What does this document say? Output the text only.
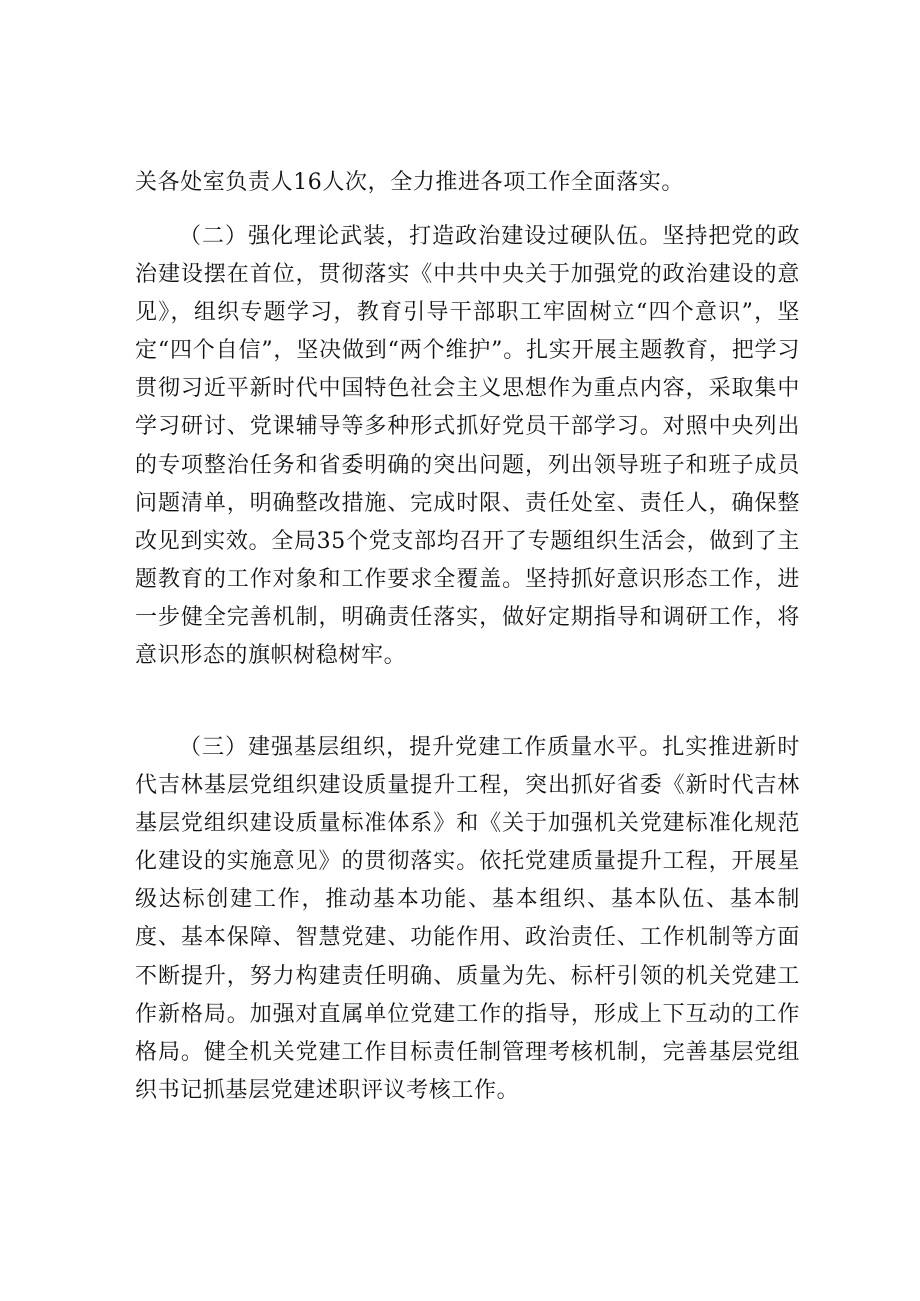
关各处室负责人16人次，全力推进各项工作全面落实。

（二）强化理论武装，打造政治建设过硬队伍。坚持把党的政治建设摆在首位，贯彻落实《中共中央关于加强党的政治建设的意见》，组织专题学习，教育引导干部职工牢固树立“四个意识”，坚定“四个自信”，坚决做到“两个维护”。扎实开展主题教育，把学习贯彻习近平新时代中国特色社会主义思想作为重点内容，采取集中学习研讨、党课辅导等多种形式抓好党员干部学习。对照中央列出的专项整治任务和省委明确的突出问题，列出领导班子和班子成员问题清单，明确整改措施、完成时限、责任处室、责任人，确保整改见到实效。全局35个党支部均召开了专题组织生活会，做到了主题教育的工作对象和工作要求全覆盖。坚持抓好意识形态工作，进一步健全完善机制，明确责任落实，做好定期指导和调研工作，将意识形态的旗帜树稳树牢。

（三）建强基层组织，提升党建工作质量水平。扎实推进新时代吉林基层党组织建设质量提升工程，突出抓好省委《新时代吉林基层党组织建设质量标准体系》和《关于加强机关党建标准化规范化建设的实施意见》的贯彻落实。依托党建质量提升工程，开展星级达标创建工作，推动基本功能、基本组织、基本队伍、基本制度、基本保障、智慧党建、功能作用、政治责任、工作机制等方面不断提升，努力构建责任明确、质量为先、标杆引领的机关党建工作新格局。加强对直属单位党建工作的指导，形成上下互动的工作格局。健全机关党建工作目标责任制管理考核机制，完善基层党组织书记抓基层党建述职评议考核工作。
